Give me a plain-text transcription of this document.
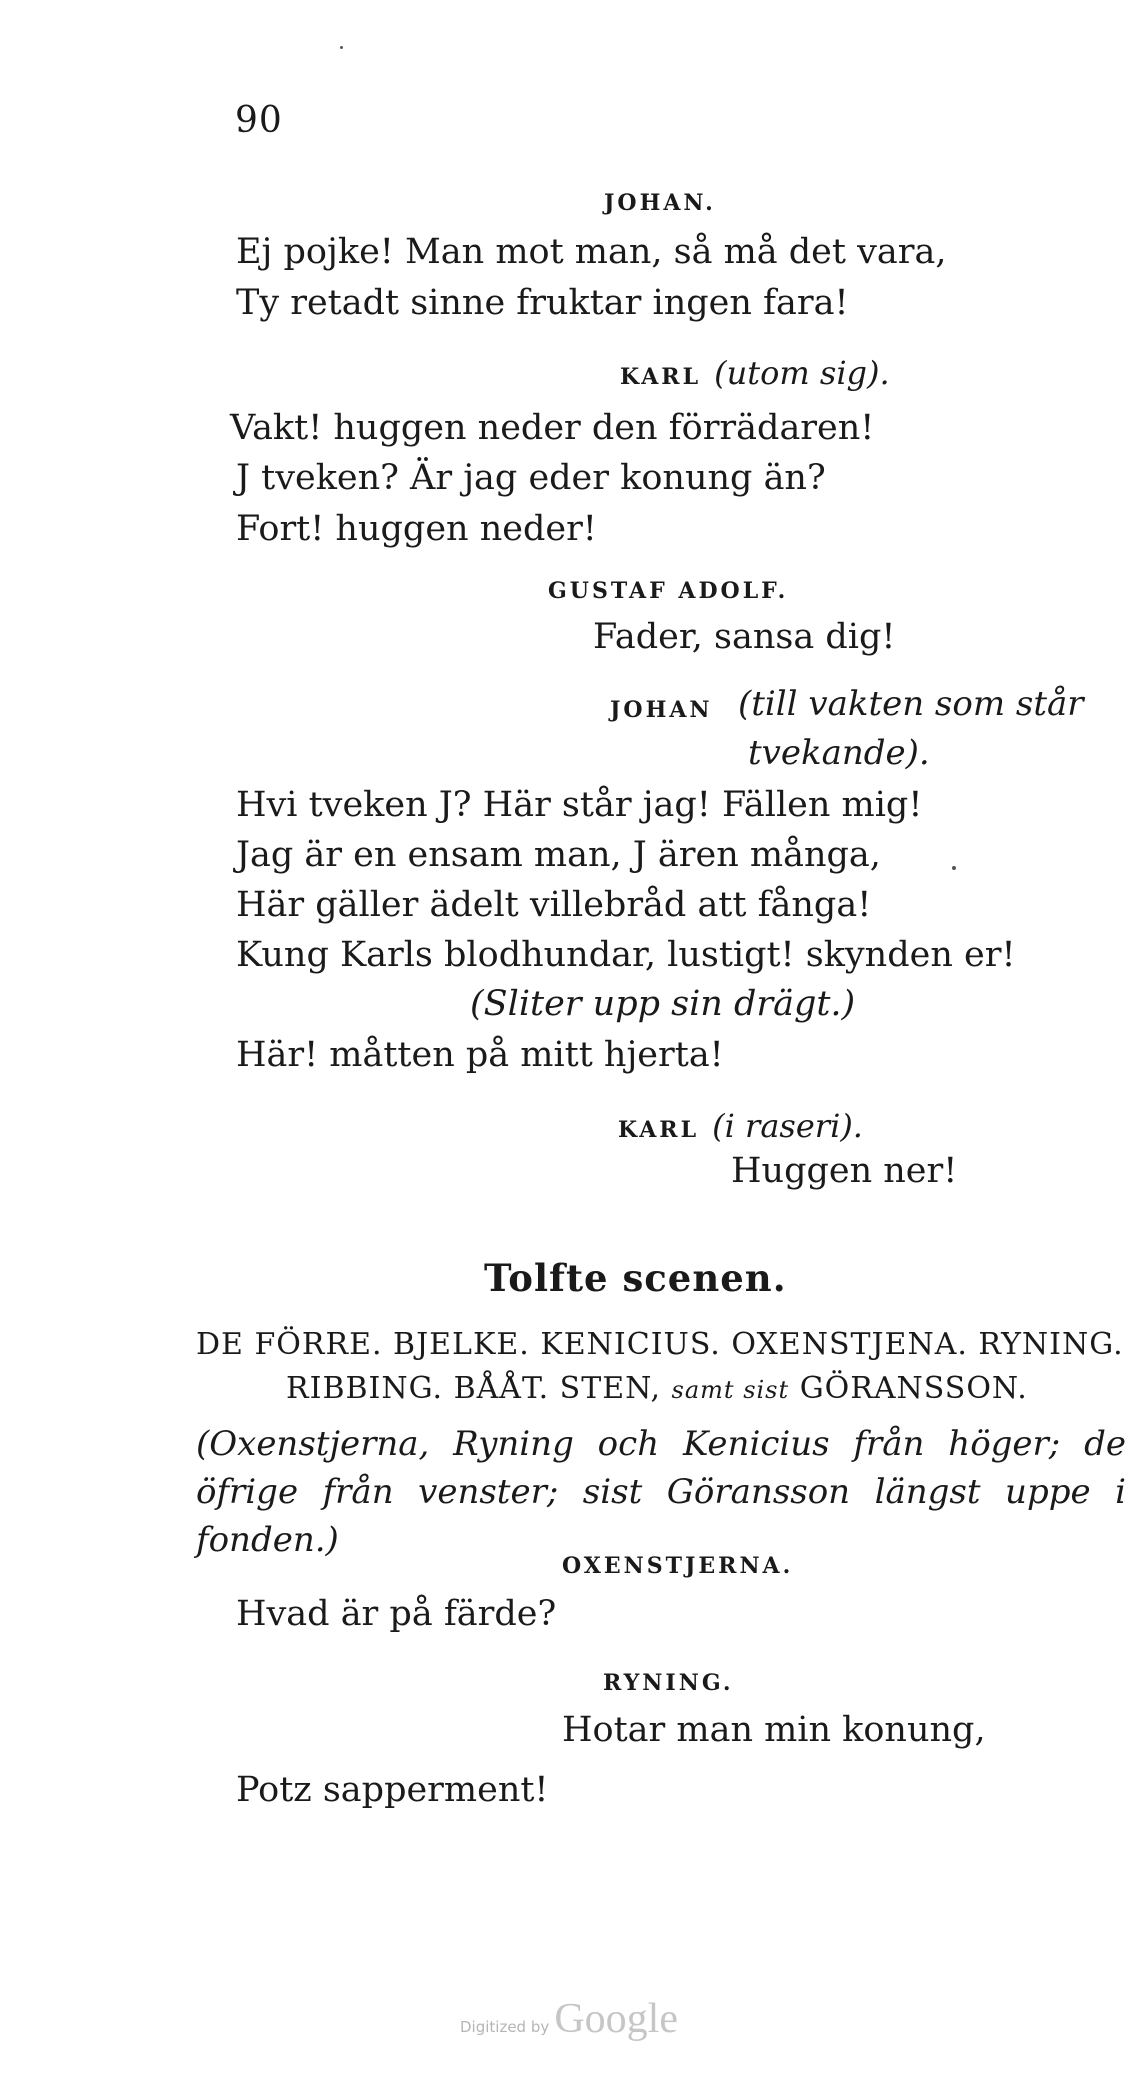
90
JOHAN.
Ej pojke! Man mot man, så må det vara,
Ty retadt sinne fruktar ingen fara!
KARL (utom sig).
Vakt! huggen neder den förrädaren!
J tveken? Är jag eder konung än?
Fort! huggen neder!
GUSTAF ADOLF.
Fader, sansa dig!
JOHAN (till vakten som står
tvekande).
Hvi tveken J? Här står jag! Fällen mig!
Jag är en ensam man, J ären många,
Här gäller ädelt villebråd att fånga!
Kung Karls blodhundar, lustigt! skynden er!
(Sliter upp sin drägt.)
Här! måtten på mitt hjerta!
KARL (i raseri).
Huggen ner!
Tolfte scenen.
DE FÖRRE. BJELKE. KENICIUS. OXENSTJENA. RYNING.
RIBBING. BÅÅT. STEN, samt sist GÖRANSSON.
(Oxenstjerna, Ryning och Kenicius från höger; de öfrige från venster; sist Göransson längst uppe i fonden.)
OXENSTJERNA.
Hvad är på färde?
RYNING.
Hotar man min konung,
Potz sapperment!
Digitized by Google
